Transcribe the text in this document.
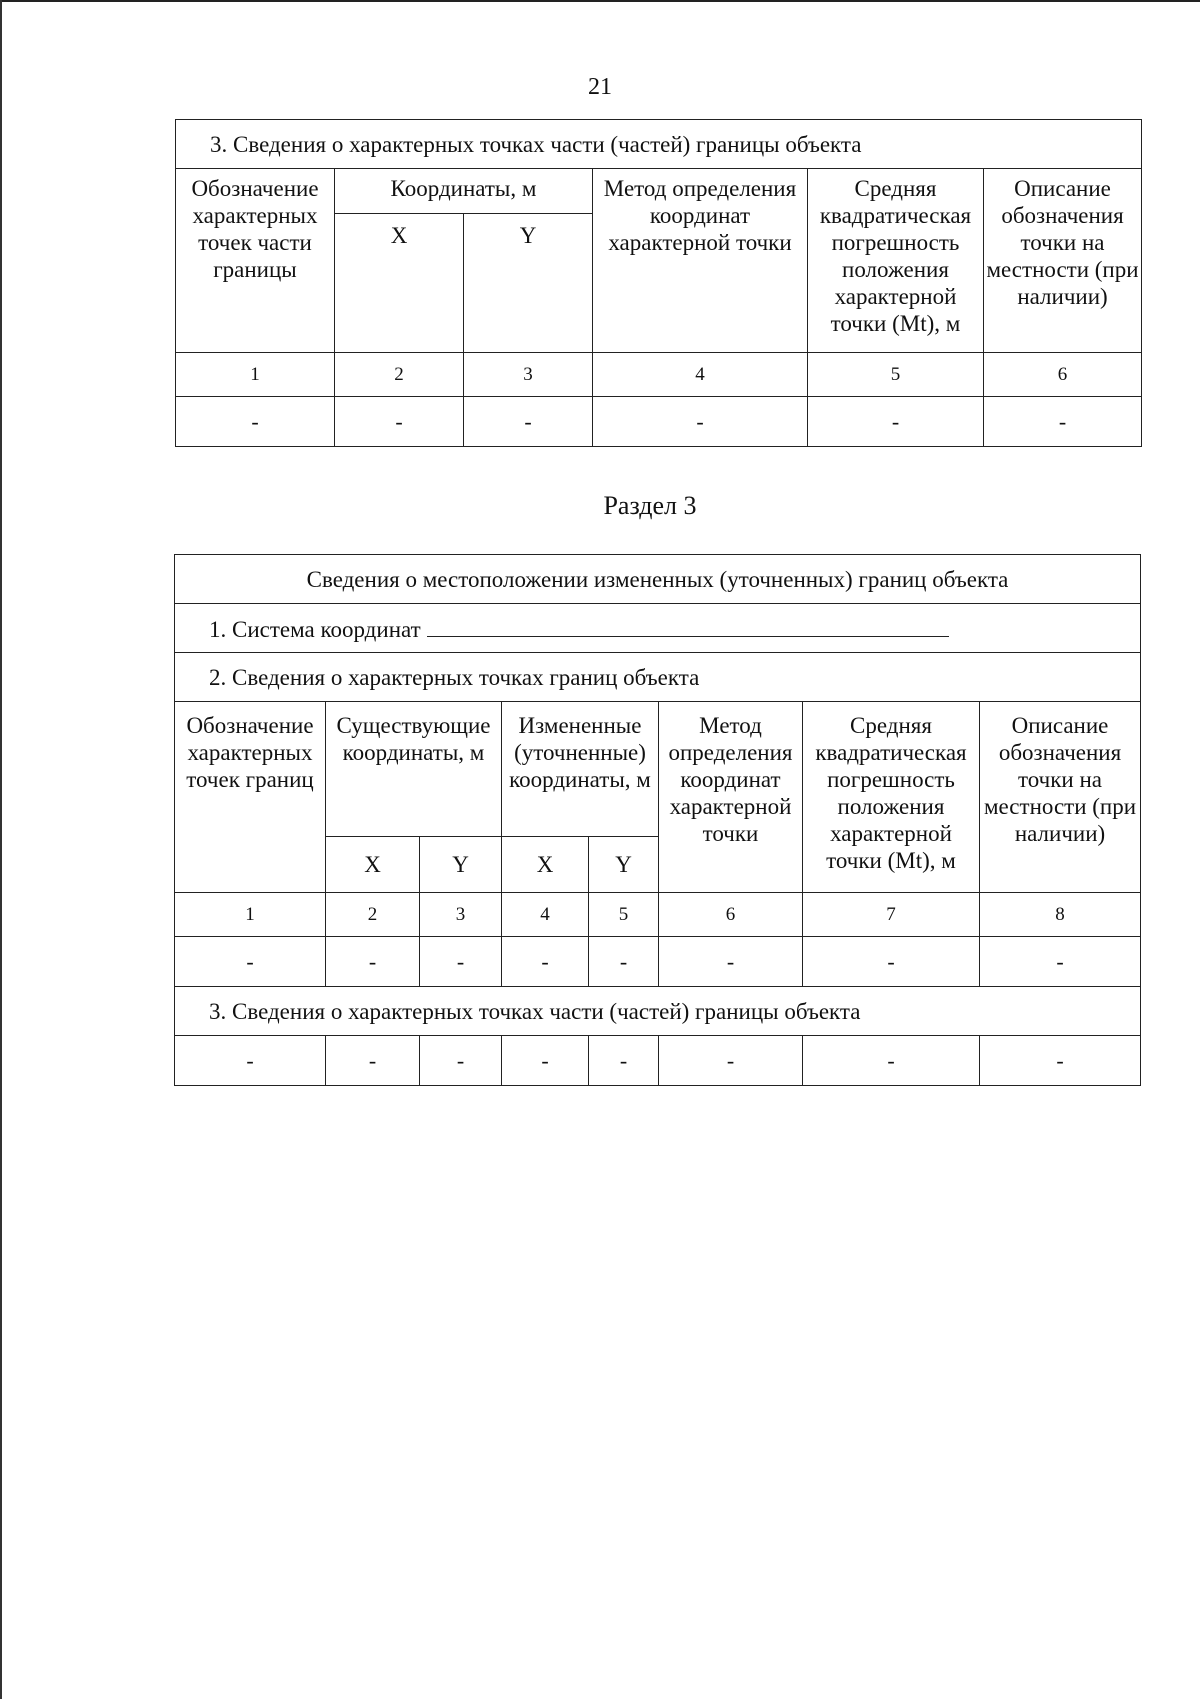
21
3. Сведения о характерных точках части (частей) границы объекта					
Обозначение характерных точек части границы	Координаты, м		Метод определения координат характерной точки	Средняя квадратическая погрешность положения характерной точки (Mt), м	Описание обозначения точки на местности (при наличии)
	X	Y			
1	2	3	4	5	6
-	-	-	-	-	-
Раздел 3
Сведения о местоположении измененных (уточненных) границ объекта							
1. Система координат							
2. Сведения о характерных точках границ объекта							
Обозначение характерных точек границ	Существующие координаты, м		Измененные (уточненные) координаты, м		Метод определения координат характерной точки	Средняя квадратическая погрешность положения характерной точки (Mt), м	Описание обозначения точки на местности (при наличии)
	X	Y	X	Y			
1	2	3	4	5	6	7	8
-	-	-	-	-	-	-	-
3. Сведения о характерных точках части (частей) границы объекта							
-	-	-	-	-	-	-	-
